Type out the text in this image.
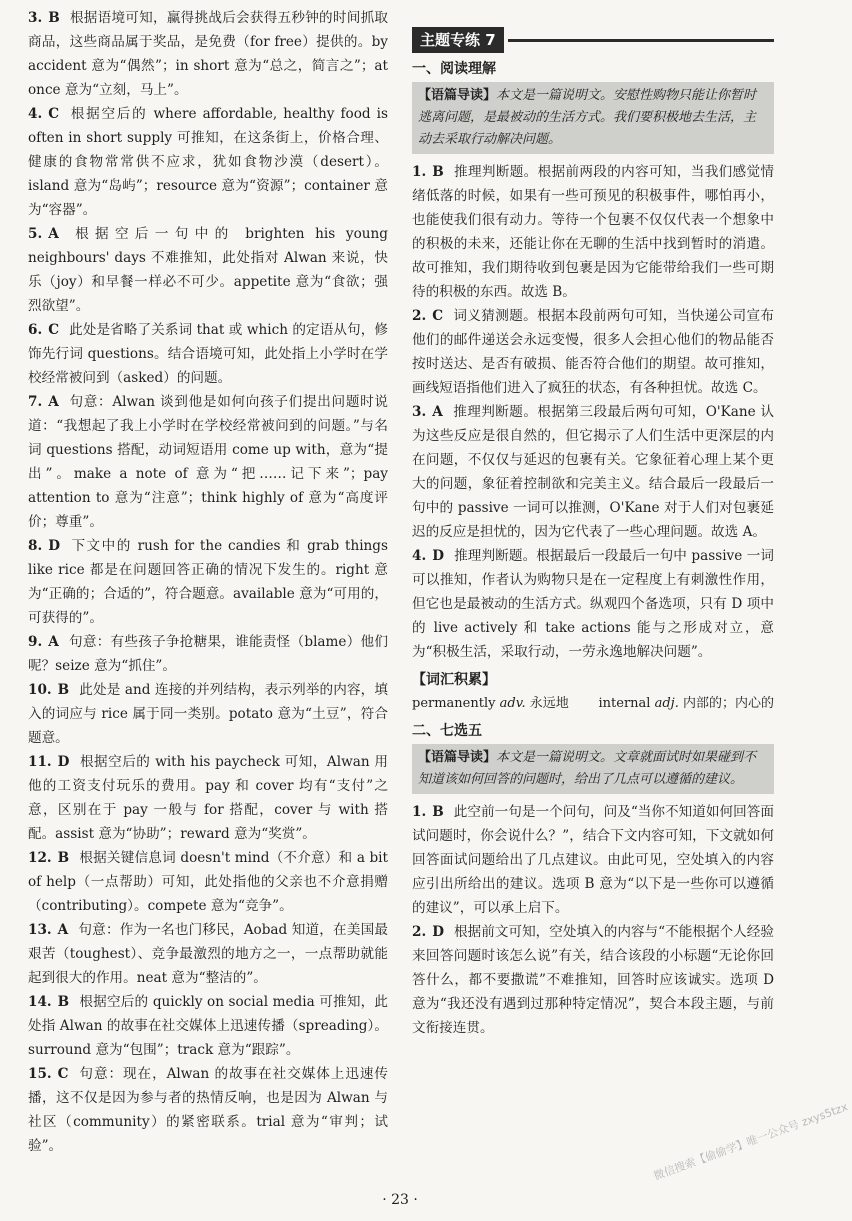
3. B 根据语境可知，赢得挑战后会获得五秒钟的时间抓取商品，这些商品属于奖品，是免费（for free）提供的。by accident 意为“偶然”；in short 意为“总之，简言之”；at once 意为“立刻，马上”。

4. C 根据空后的 where affordable, healthy food is often in short supply 可推知，在这条街上，价格合理、健康的食物常常供不应求，犹如食物沙漠（desert）。island 意为“岛屿”；resource 意为“资源”；container 意为“容器”。

5. A 根据空后一句中的 brighten his young neighbours' days 不难推知，此处指对 Alwan 来说，快乐（joy）和早餐一样必不可少。appetite 意为“食欲；强烈欲望”。

6. C 此处是省略了关系词 that 或 which 的定语从句，修饰先行词 questions。结合语境可知，此处指上小学时在学校经常被问到（asked）的问题。

7. A 句意：Alwan 谈到他是如何向孩子们提出问题时说道：“我想起了我上小学时在学校经常被问到的问题。”与名词 questions 搭配，动词短语用 come up with，意为“提出”。make a note of 意为“把……记下来”；pay attention to 意为“注意”；think highly of 意为“高度评价；尊重”。

8. D 下文中的 rush for the candies 和 grab things like rice 都是在问题回答正确的情况下发生的。right 意为“正确的；合适的”，符合题意。available 意为“可用的，可获得的”。

9. A 句意：有些孩子争抢糖果，谁能责怪（blame）他们呢？seize 意为“抓住”。

10. B 此处是 and 连接的并列结构，表示列举的内容，填入的词应与 rice 属于同一类别。potato 意为“土豆”，符合题意。

11. D 根据空后的 with his paycheck 可知，Alwan 用他的工资支付玩乐的费用。pay 和 cover 均有“支付”之意，区别在于 pay 一般与 for 搭配，cover 与 with 搭配。assist 意为“协助”；reward 意为“奖赏”。

12. B 根据关键信息词 doesn't mind（不介意）和 a bit of help（一点帮助）可知，此处指他的父亲也不介意捐赠（contributing）。compete 意为“竞争”。

13. A 句意：作为一名也门移民，Aobad 知道，在美国最艰苦（toughest）、竞争最激烈的地方之一，一点帮助就能起到很大的作用。neat 意为“整洁的”。

14. B 根据空后的 quickly on social media 可推知，此处指 Alwan 的故事在社交媒体上迅速传播（spreading）。surround 意为“包围”；track 意为“跟踪”。

15. C 句意：现在，Alwan 的故事在社交媒体上迅速传播，这不仅是因为参与者的热情反响，也是因为 Alwan 与社区（community）的紧密联系。trial 意为“审判；试验”。

主题专练 7
一、阅读理解
【语篇导读】本文是一篇说明文。安慰性购物只能让你暂时逃离问题，是最被动的生活方式。我们要积极地去生活，主动去采取行动解决问题。

1. B 推理判断题。根据前两段的内容可知，当我们感觉情绪低落的时候，如果有一些可预见的积极事件，哪怕再小，也能使我们很有动力。等待一个包裹不仅仅代表一个想象中的积极的未来，还能让你在无聊的生活中找到暂时的消遣。故可推知，我们期待收到包裹是因为它能带给我们一些可期待的积极的东西。故选 B。

2. C 词义猜测题。根据本段前两句可知，当快递公司宣布他们的邮件递送会永远变慢，很多人会担心他们的物品能否按时送达、是否有破损、能否符合他们的期望。故可推知，画线短语指他们进入了疯狂的状态，有各种担忧。故选 C。

3. A 推理判断题。根据第三段最后两句可知，O'Kane 认为这些反应是很自然的，但它揭示了人们生活中更深层的内在问题，不仅仅与延迟的包裹有关。它象征着心理上某个更大的问题，象征着控制欲和完美主义。结合最后一段最后一句中的 passive 一词可以推测，O'Kane 对于人们对包裹延迟的反应是担忧的，因为它代表了一些心理问题。故选 A。

4. D 推理判断题。根据最后一段最后一句中 passive 一词可以推知，作者认为购物只是在一定程度上有刺激性作用，但它也是最被动的生活方式。纵观四个备选项，只有 D 项中的 live actively 和 take actions 能与之形成对立，意为“积极生活，采取行动，一劳永逸地解决问题”。

【词汇积累】
permanently adv. 永远地 internal adj. 内部的；内心的
二、七选五
【语篇导读】本文是一篇说明文。文章就面试时如果碰到不知道该如何回答的问题时，给出了几点可以遵循的建议。

1. B 此空前一句是一个问句，问及“当你不知道如何回答面试问题时，你会说什么？”，结合下文内容可知，下文就如何回答面试问题给出了几点建议。由此可见，空处填入的内容应引出所给出的建议。选项 B 意为“以下是一些你可以遵循的建议”，可以承上启下。

2. D 根据前文可知，空处填入的内容与“不能根据个人经验来回答问题时该怎么说”有关，结合该段的小标题“无论你回答什么，都不要撒谎”不难推知，回答时应该诚实。选项 D 意为“我还没有遇到过那种特定情况”，契合本段主题，与前文衔接连贯。

· 23 ·
微信搜索【偷偷学】唯一公众号 zxys5tzx
